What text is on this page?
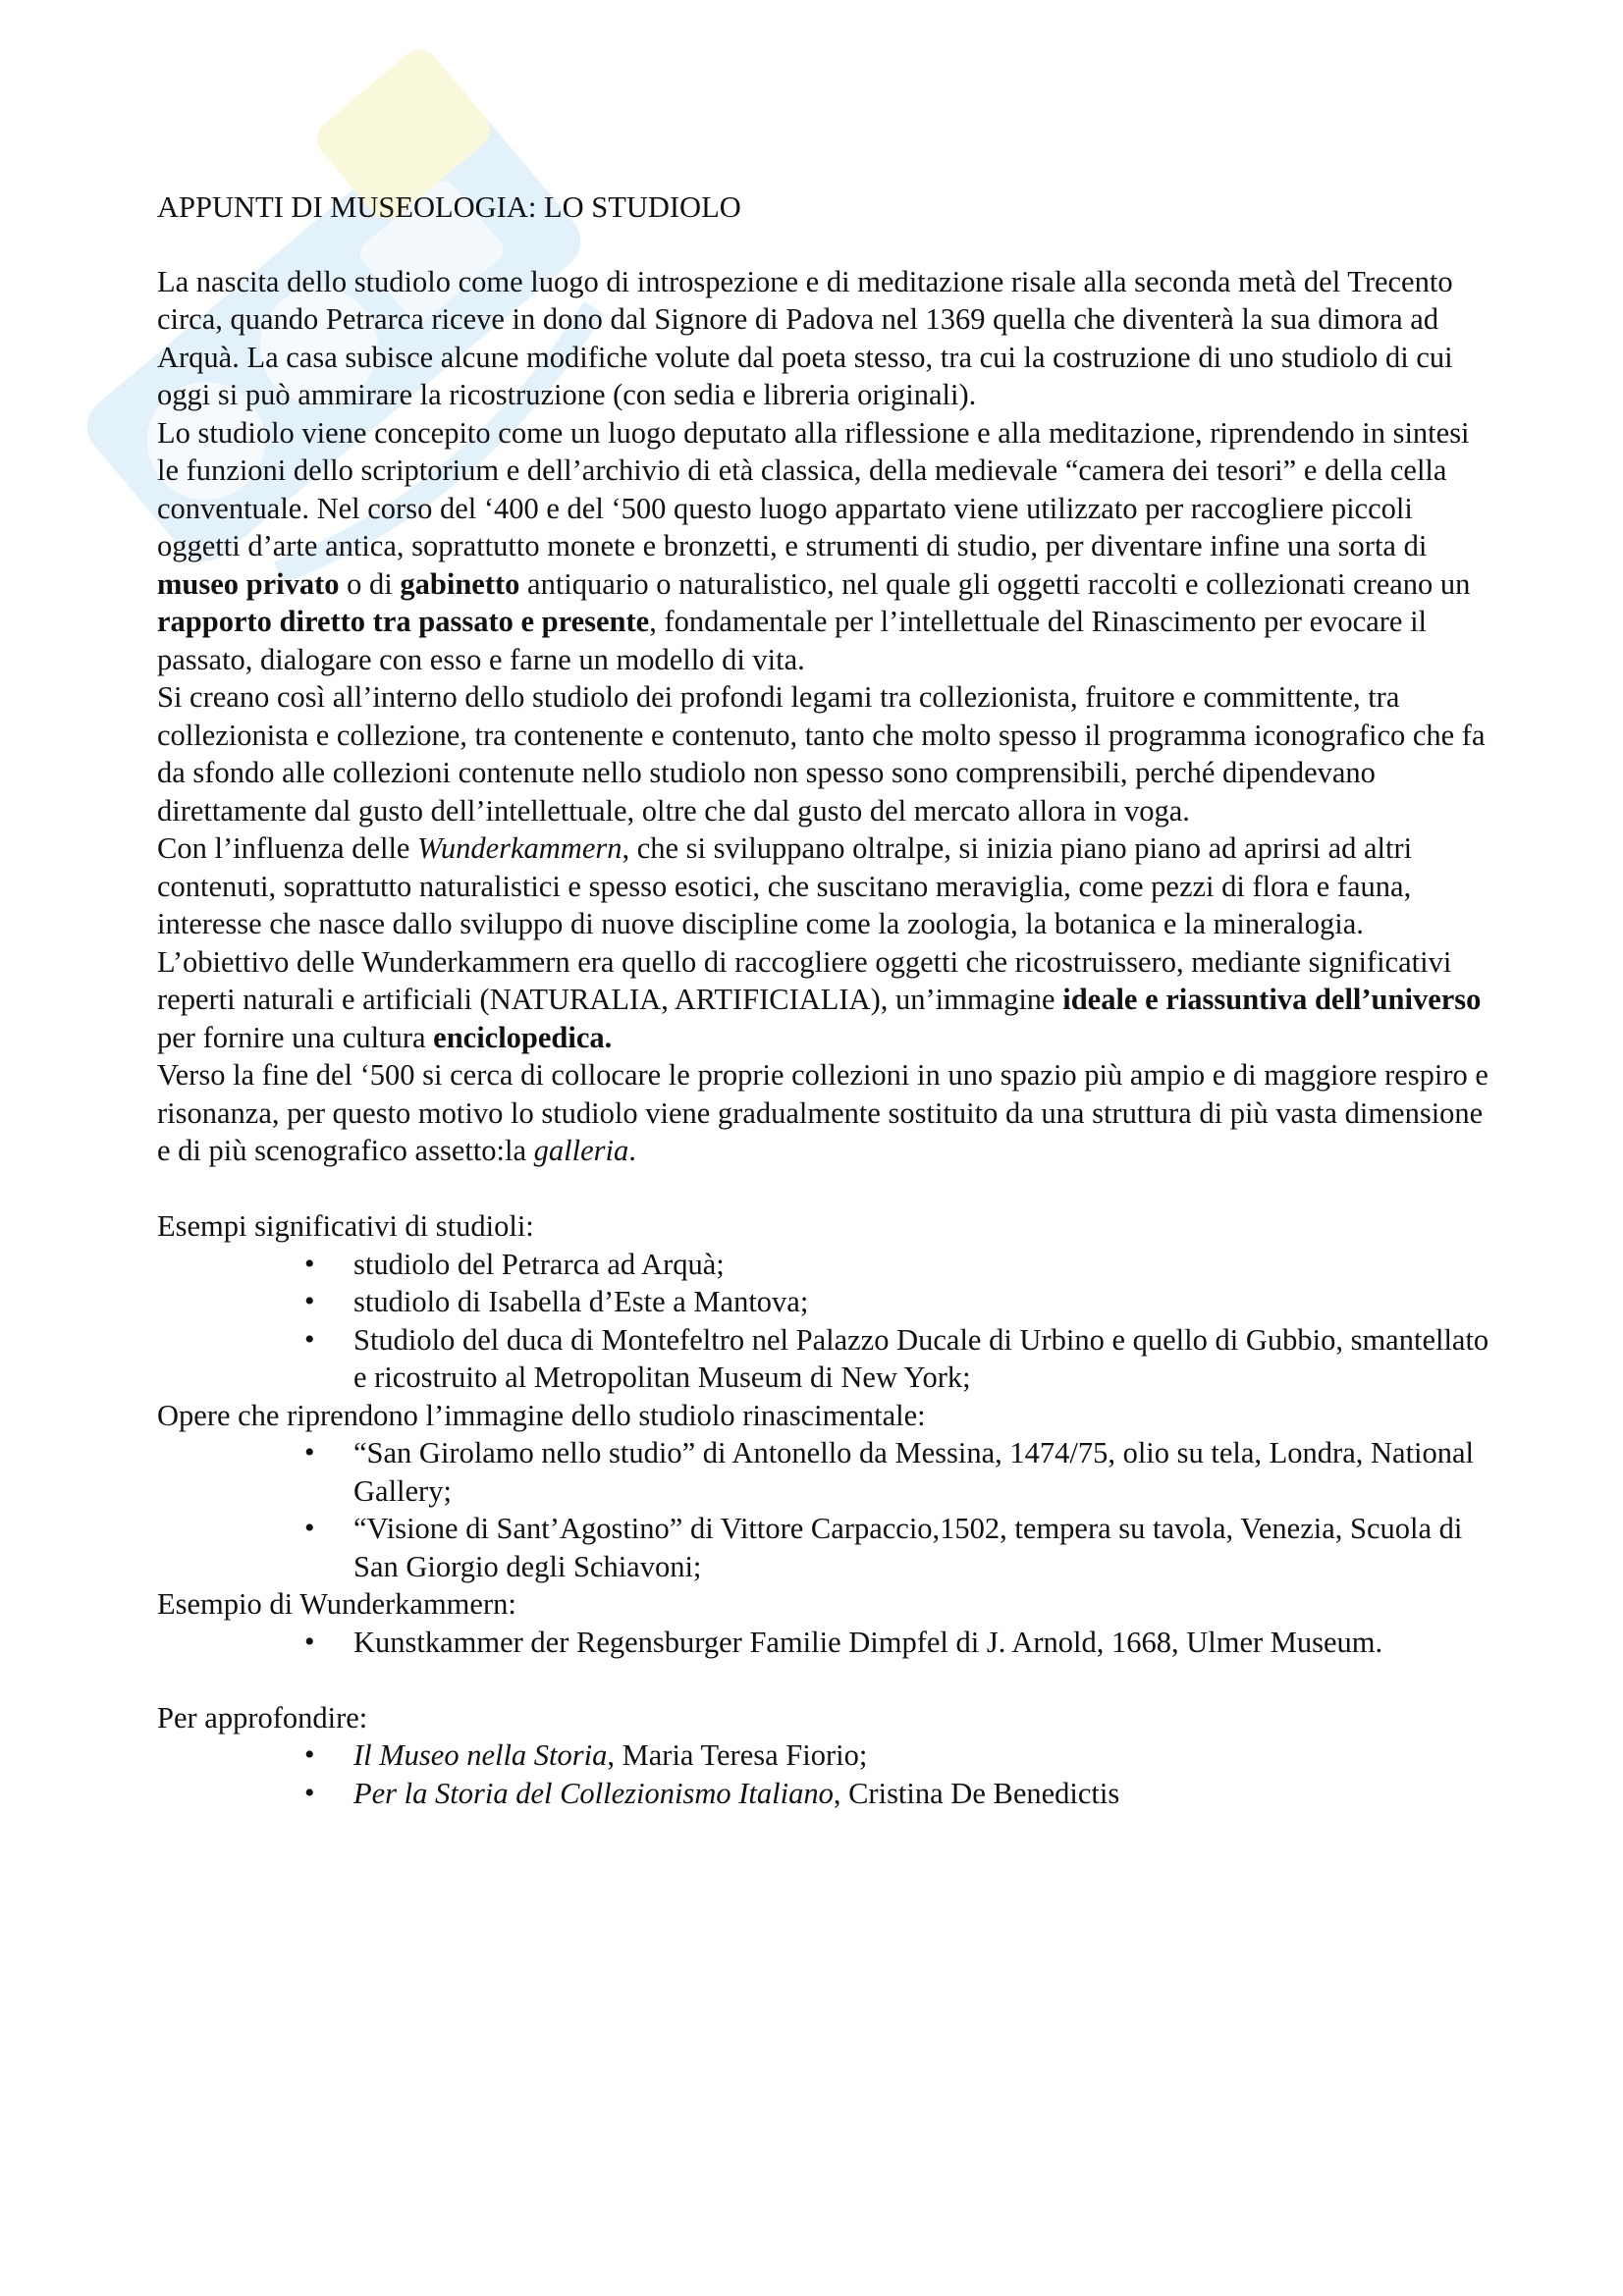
APPUNTI DI MUSEOLOGIA: LO STUDIOLO

La nascita dello studiolo come luogo di introspezione e di meditazione risale alla seconda metà del Trecento circa, quando Petrarca riceve in dono dal Signore di Padova nel 1369 quella che diventerà la sua dimora ad Arquà. La casa subisce alcune modifiche volute dal poeta stesso, tra cui la costruzione di uno studiolo di cui oggi si può ammirare la ricostruzione (con sedia e libreria originali).

Lo studiolo viene concepito come un luogo deputato alla riflessione e alla meditazione, riprendendo in sintesi le funzioni dello scriptorium e dell’archivio di età classica, della medievale “camera dei tesori” e della cella conventuale. Nel corso del ‘400 e del ‘500 questo luogo appartato viene utilizzato per raccogliere piccoli oggetti d’arte antica, soprattutto monete e bronzetti, e strumenti di studio, per diventare infine una sorta di museo privato o di gabinetto antiquario o naturalistico, nel quale gli oggetti raccolti e collezionati creano un rapporto diretto tra passato e presente, fondamentale per l’intellettuale del Rinascimento per evocare il passato, dialogare con esso e farne un modello di vita.

Si creano così all’interno dello studiolo dei profondi legami tra collezionista, fruitore e committente, tra collezionista e collezione, tra contenente e contenuto, tanto che molto spesso il programma iconografico che fa da sfondo alle collezioni contenute nello studiolo non spesso sono comprensibili, perché dipendevano direttamente dal gusto dell’intellettuale, oltre che dal gusto del mercato allora in voga.

Con l’influenza delle Wunderkammern, che si sviluppano oltralpe, si inizia piano piano ad aprirsi ad altri contenuti, soprattutto naturalistici e spesso esotici, che suscitano meraviglia, come pezzi di flora e fauna, interesse che nasce dallo sviluppo di nuove discipline come la zoologia, la botanica e la mineralogia. L’obiettivo delle Wunderkammern era quello di raccogliere oggetti che ricostruissero, mediante significativi reperti naturali e artificiali (NATURALIA, ARTIFICIALIA), un’immagine ideale e riassuntiva dell’universo per fornire una cultura enciclopedica.

Verso la fine del ‘500 si cerca di collocare le proprie collezioni in uno spazio più ampio e di maggiore respiro e risonanza, per questo motivo lo studiolo viene gradualmente sostituito da una struttura di più vasta dimensione e di più scenografico assetto:la galleria.

Esempi significativi di studioli:

• studiolo del Petrarca ad Arquà;
• studiolo di Isabella d’Este a Mantova;
• Studiolo del duca di Montefeltro nel Palazzo Ducale di Urbino e quello di Gubbio, smantellato e ricostruito al Metropolitan Museum di New York;

Opere che riprendono l’immagine dello studiolo rinascimentale:

• “San Girolamo nello studio” di Antonello da Messina, 1474/75, olio su tela, Londra, National Gallery;
• “Visione di Sant’Agostino” di Vittore Carpaccio,1502, tempera su tavola, Venezia, Scuola di San Giorgio degli Schiavoni;

Esempio di Wunderkammern:

• Kunstkammer der Regensburger Familie Dimpfel di J. Arnold, 1668, Ulmer Museum.

Per approfondire:

• Il Museo nella Storia, Maria Teresa Fiorio;
• Per la Storia del Collezionismo Italiano, Cristina De Benedictis
